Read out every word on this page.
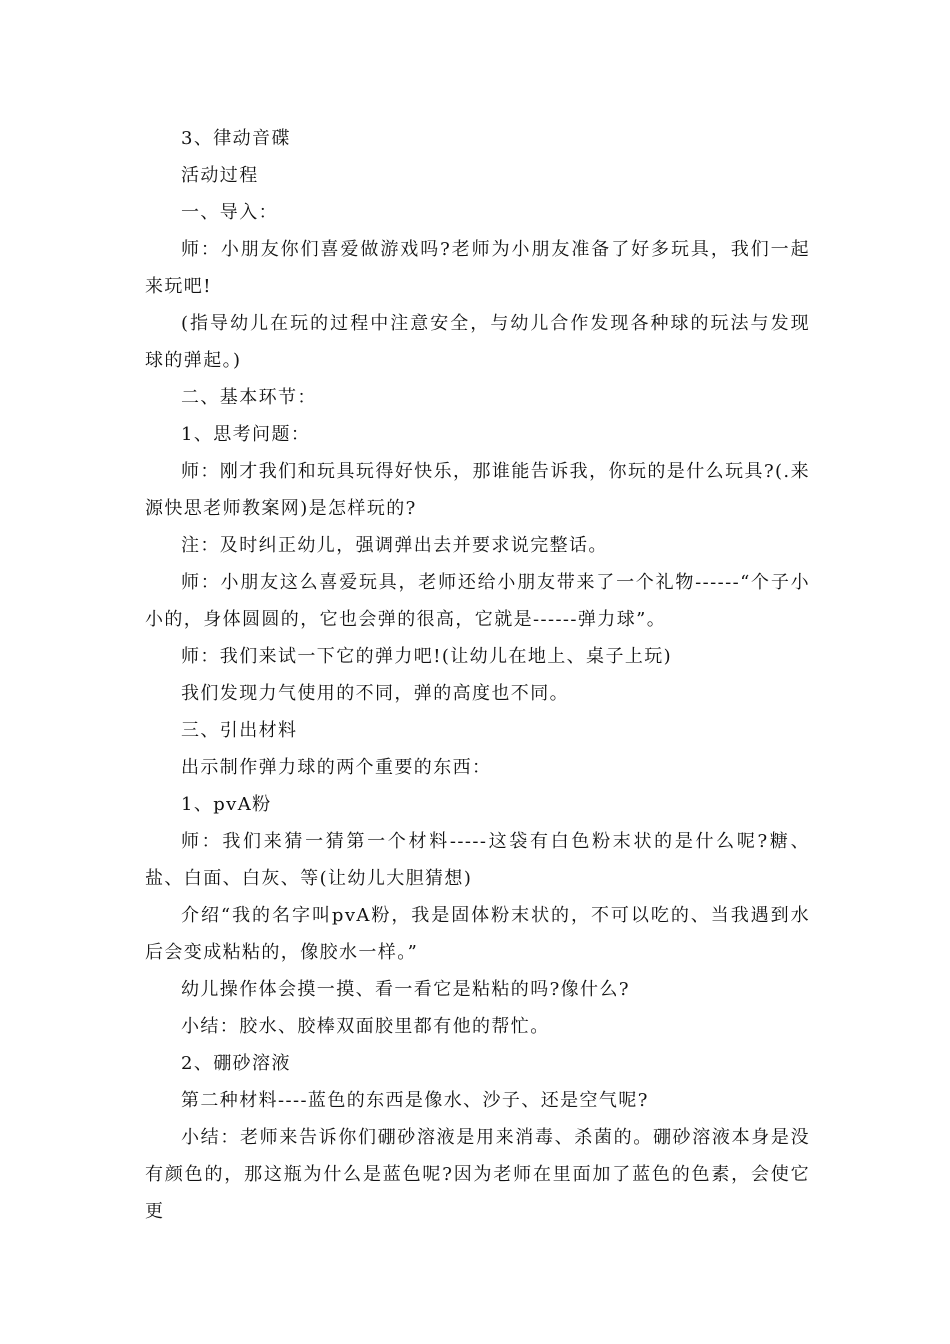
3、律动音碟

活动过程

一、导入：

师：小朋友你们喜爱做游戏吗?老师为小朋友准备了好多玩具，我们一起来玩吧!

(指导幼儿在玩的过程中注意安全，与幼儿合作发现各种球的玩法与发现球的弹起。)

二、基本环节：

1、思考问题：

师：刚才我们和玩具玩得好快乐，那谁能告诉我，你玩的是什么玩具?(.来源快思老师教案网)是怎样玩的?

注：及时纠正幼儿，强调弹出去并要求说完整话。

师：小朋友这么喜爱玩具，老师还给小朋友带来了一个礼物------“个子小小的，身体圆圆的，它也会弹的很高，它就是------弹力球”。

师：我们来试一下它的弹力吧!(让幼儿在地上、桌子上玩)

我们发现力气使用的不同，弹的高度也不同。

三、引出材料

出示制作弹力球的两个重要的东西：

1、pvA粉

师：我们来猜一猜第一个材料-----这袋有白色粉末状的是什么呢?糖、盐、白面、白灰、等(让幼儿大胆猜想)

介绍“我的名字叫pvA粉，我是固体粉末状的，不可以吃的、当我遇到水后会变成粘粘的，像胶水一样。”

幼儿操作体会摸一摸、看一看它是粘粘的吗?像什么?

小结：胶水、胶棒双面胶里都有他的帮忙。

2、硼砂溶液

第二种材料----蓝色的东西是像水、沙子、还是空气呢?

小结：老师来告诉你们硼砂溶液是用来消毒、杀菌的。硼砂溶液本身是没有颜色的，那这瓶为什么是蓝色呢?因为老师在里面加了蓝色的色素，会使它更
